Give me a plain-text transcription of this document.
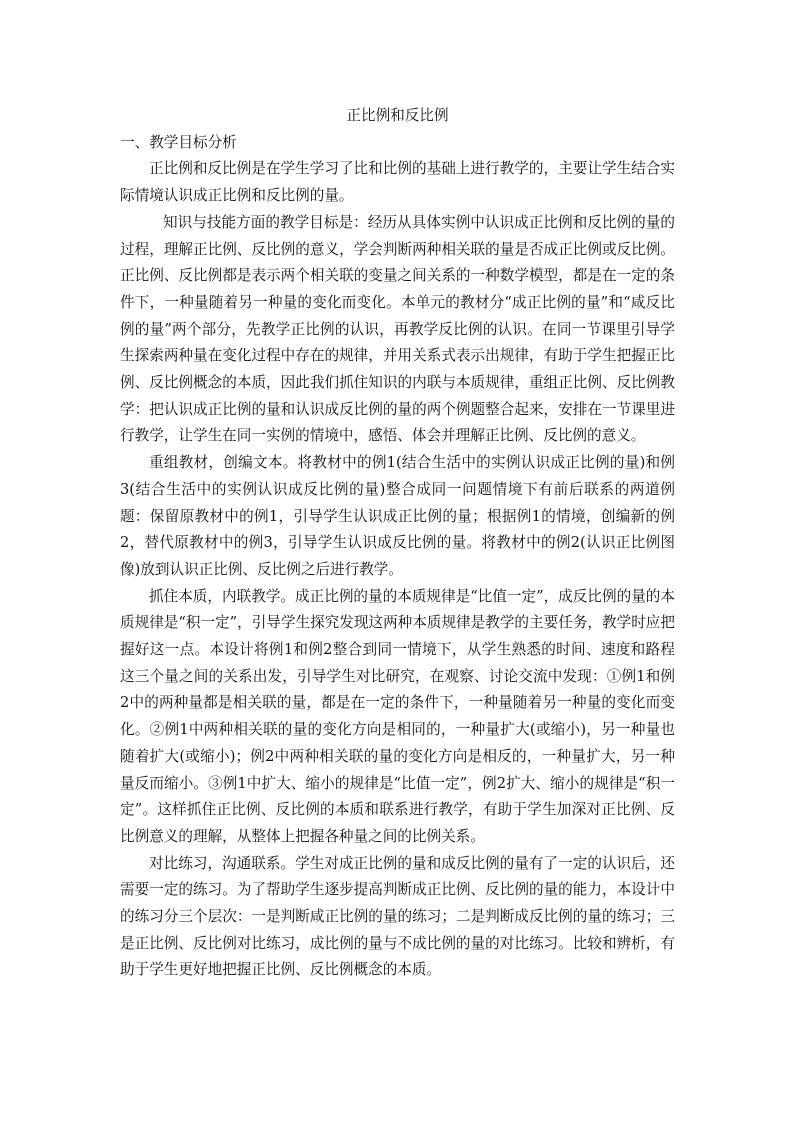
正比例和反比例
一、教学目标分析

正比例和反比例是在学生学习了比和比例的基础上进行教学的，主要让学生结合实际情境认识成正比例和反比例的量。

知识与技能方面的教学目标是：经历从具体实例中认识成正比例和反比例的量的过程，理解正比例、反比例的意义，学会判断两种相关联的量是否成正比例或反比例。正比例、反比例都是表示两个相关联的变量之间关系的一种数学模型，都是在一定的条件下，一种量随着另一种量的变化而变化。本单元的教材分“成正比例的量”和“咸反比例的量”两个部分，先教学正比例的认识，再教学反比例的认识。在同一节课里引导学生探索两种量在变化过程中存在的规律，并用关系式表示出规律，有助于学生把握正比例、反比例概念的本质，因此我们抓住知识的内联与本质规律，重组正比例、反比例教学：把认识成正比例的量和认识成反比例的量的两个例题整合起来，安排在一节课里进行教学，让学生在同一实例的情境中，感悟、体会并理解正比例、反比例的意义。

重组教材，创编文本。将教材中的例1(结合生活中的实例认识成正比例的量)和例3(结合生活中的实例认识成反比例的量)整合成同一问题情境下有前后联系的两道例题：保留原教材中的例1，引导学生认识成正比例的量；根据例1的情境，创编新的例2，替代原教材中的例3，引导学生认识成反比例的量。将教材中的例2(认识正比例图像)放到认识正比例、反比例之后进行教学。

抓住本质，内联教学。成正比例的量的本质规律是“比值一定”，成反比例的量的本质规律是“积一定”，引导学生探究发现这两种本质规律是教学的主要任务，教学时应把握好这一点。本设计将例1和例2整合到同一情境下，从学生熟悉的时间、速度和路程这三个量之间的关系出发，引导学生对比研究，在观察、讨论交流中发现：①例1和例2中的两种量都是相关联的量，都是在一定的条件下，一种量随着另一种量的变化而变化。②例1中两种相关联的量的变化方向是相同的，一种量扩大(或缩小)，另一种量也随着扩大(或缩小)；例2中两种相关联的量的变化方向是相反的，一种量扩大，另一种量反而缩小。③例1中扩大、缩小的规律是“比值一定”，例2扩大、缩小的规律是“积一定”。这样抓住正比例、反比例的本质和联系进行教学，有助于学生加深对正比例、反比例意义的理解，从整体上把握各种量之间的比例关系。

对比练习，沟通联系。学生对成正比例的量和成反比例的量有了一定的认识后，还需要一定的练习。为了帮助学生逐步提高判断成正比例、反比例的量的能力，本设计中的练习分三个层次：一是判断咸正比例的量的练习；二是判断成反比例的量的练习；三是正比例、反比例对比练习，成比例的量与不成比例的量的对比练习。比较和辨析，有助于学生更好地把握正比例、反比例概念的本质。
